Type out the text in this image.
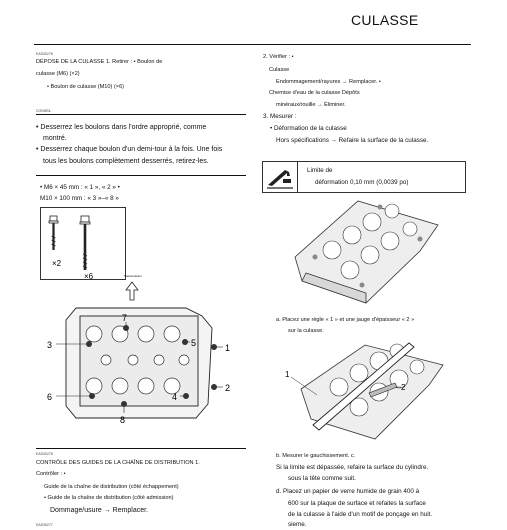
CULASSE
EAS30276
DÉPOSE DE LA CULASSE 1. Retirer : • Boulon de
culasse (M6) (×2)
• Boulon de culasse (M10) (×6)
CONSEIL
• Desserrez les boulons dans l'ordre approprié, comme
montré.
• Desserrez chaque boulon d'un demi-tour à la fois. Une fois
tous les boulons complètement desserrés, retirez-les.
• M6 × 45 mm : « 1 », « 2 » •
M10 × 100 mm : « 3 »–« 8 »
×2
×6	Transmission
7
3	5	1
2
6	4
8
EAS30278
CONTRÔLE DES GUIDES DE LA CHAÎNE DE DISTRIBUTION 1.
Contrôler : •
Guide de la chaîne de distribution (côté échappement)
• Guide de la chaîne de distribution (côté admission)
Dommage/usure → Remplacer.
EAS30277
2. Vérifier : •
Culasse
Endommagement/rayures → Remplacer. •
Chemise d'eau de la culasse Dépôts
minéraux/rouille → Éliminer.
3. Mesurer :
• Déformation de la culasse
Hors spécifications → Refaire la surface de la culasse.
Limite de
déformation 0,10 mm (0,0039 po)
a. Placez une règle « 1 » et une jauge d'épaisseur « 2 »
sur la culasse.
1
2
b. Mesurer le gauchissement. c.
Si la limite est dépassée, refaire la surface du cylindre.
sous la tête comme suit.
d. Placez un papier de verre humide de grain 400 à
600 sur la plaque de surface et refaites la surface
de la culasse à l'aide d'un motif de ponçage en huit.
sieme.
